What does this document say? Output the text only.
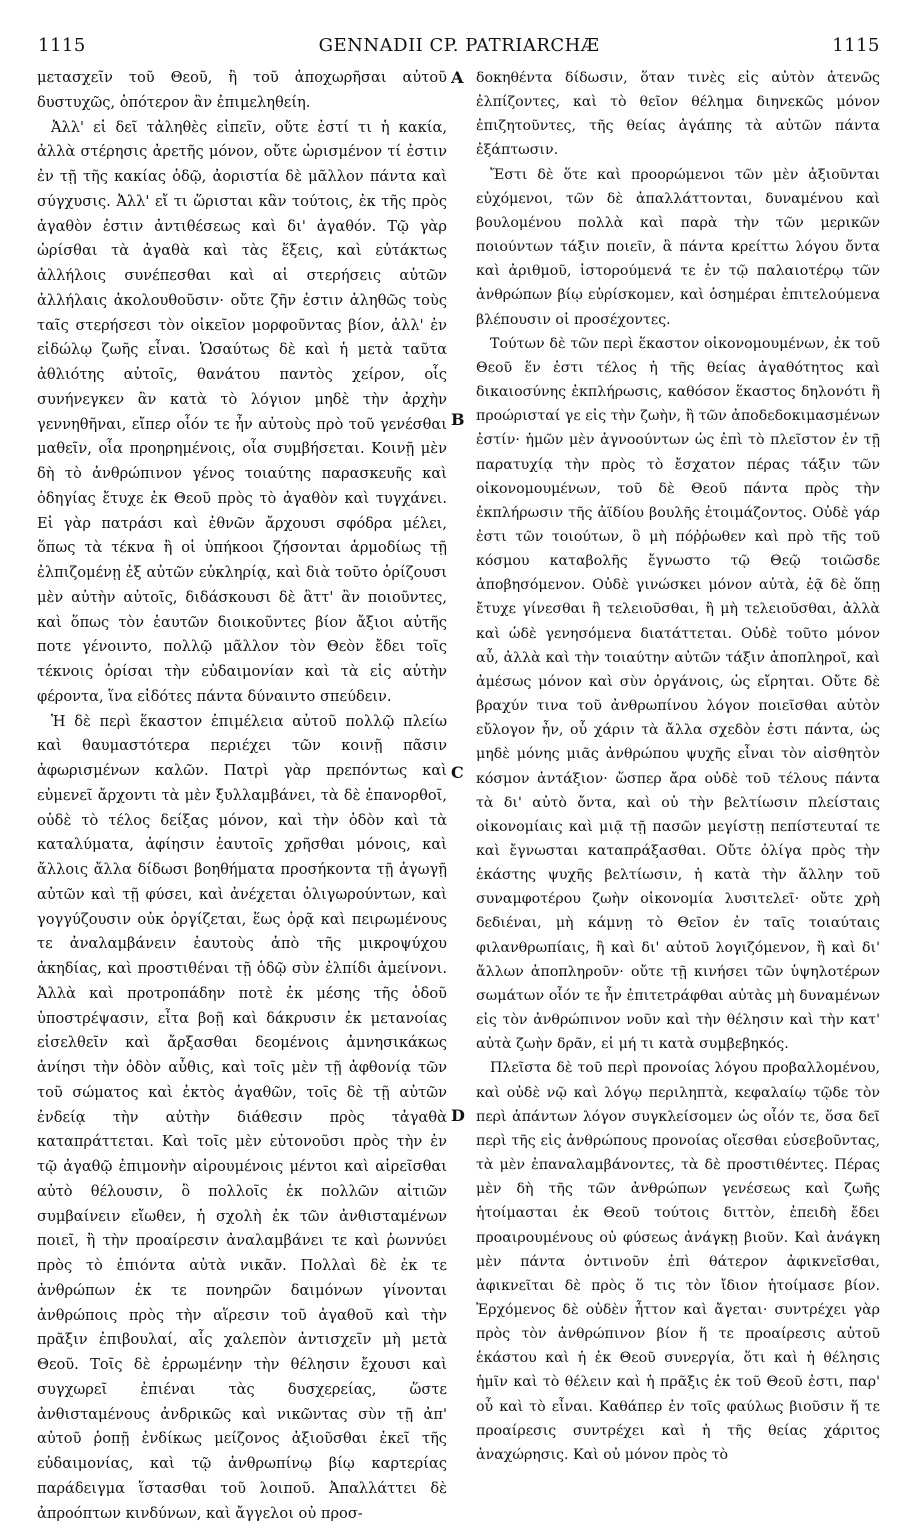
1115	GENNADII CP. PATRIARCHÆ	1115

μετασχεῖν τοῦ Θεοῦ, ἢ τοῦ ἀποχωρῆσαι αὐτοῦ δυστυχῶς, ὁπότερον ἂν ἐπιμεληθείη.

Ἀλλ' εἰ δεῖ τἀληθὲς εἰπεῖν, οὔτε ἐστί τι ἡ κακία, ἀλλὰ στέρησις ἀρετῆς μόνον, οὔτε ὡρισμένον τί ἐστιν ἐν τῇ τῆς κακίας ὁδῷ, ἀοριστία δὲ μᾶλλον πάντα καὶ σύγχυσις. Ἀλλ' εἴ τι ὥρισται κἂν τούτοις, ἐκ τῆς πρὸς ἀγαθὸν ἐστιν ἀντιθέσεως καὶ δι' ἀγαθόν. Τῷ γὰρ ὡρίσθαι τὰ ἀγαθὰ καὶ τὰς ἕξεις, καὶ εὐτάκτως ἀλλήλοις συνέπεσθαι καὶ αἱ στερήσεις αὐτῶν ἀλλήλαις ἀκολουθοῦσιν· οὔτε ζῆν ἐστιν ἀληθῶς τοὺς ταῖς στερήσεσι τὸν οἰκεῖον μορφοῦντας βίον, ἀλλ' ἐν εἰδώλῳ ζωῆς εἶναι. Ὡσαύτως δὲ καὶ ἡ μετὰ ταῦτα ἀθλιότης αὐτοῖς, θανάτου παντὸς χείρον, οἷς συνήνεγκεν ἂν κατὰ τὸ λόγιον μηδὲ τὴν ἀρχὴν γεννηθῆναι, εἴπερ οἷόν τε ἦν αὐτοὺς πρὸ τοῦ γενέσθαι μαθεῖν, οἷα προηρημένοις, οἷα συμβήσεται. Κοινῇ μὲν δὴ τὸ ἀνθρώπινον γένος τοιαύτης παρασκευῆς καὶ ὁδηγίας ἔτυχε ἐκ Θεοῦ πρὸς τὸ ἀγαθὸν καὶ τυγχάνει. Εἰ γὰρ πατράσι καὶ ἐθνῶν ἄρχουσι σφόδρα μέλει, ὅπως τὰ τέκνα ἢ οἱ ὑπήκοοι ζήσονται ἁρμοδίως τῇ ἐλπιζομένῃ ἐξ αὐτῶν εὐκληρίᾳ, καὶ διὰ τοῦτο ὁρίζουσι μὲν αὐτὴν αὐτοῖς, διδάσκουσι δὲ ἃττ' ἂν ποιοῦντες, καὶ ὅπως τὸν ἑαυτῶν διοικοῦντες βίον ἄξιοι αὐτῆς ποτε γένοιντο, πολλῷ μᾶλλον τὸν Θεὸν ἔδει τοῖς τέκνοις ὁρίσαι τὴν εὐδαιμονίαν καὶ τὰ εἰς αὐτὴν φέροντα, ἵνα εἰδότες πάντα δύναιντο σπεύδειν.

Ἡ δὲ περὶ ἕκαστον ἐπιμέλεια αὐτοῦ πολλῷ πλείω καὶ θαυμαστότερα περιέχει τῶν κοινῇ πᾶσιν ἀφωρισμένων καλῶν. Πατρὶ γὰρ πρεπόντως καὶ εὐμενεῖ ἄρχοντι τὰ μὲν ξυλλαμβάνει, τὰ δὲ ἐπανορθοῖ, οὐδὲ τὸ τέλος δείξας μόνον, καὶ τὴν ὁδὸν καὶ τὰ καταλύματα, ἀφίησιν ἑαυτοῖς χρῆσθαι μόνοις, καὶ ἄλλοις ἄλλα δίδωσι βοηθήματα προσήκοντα τῇ ἀγωγῇ αὐτῶν καὶ τῇ φύσει, καὶ ἀνέχεται ὀλιγωρούντων, καὶ γογγύζουσιν οὐκ ὀργίζεται, ἕως ὁρᾷ καὶ πειρωμένους τε ἀναλαμβάνειν ἑαυτοὺς ἀπὸ τῆς μικροψύχου ἀκηδίας, καὶ προστιθέναι τῇ ὁδῷ σὺν ἐλπίδι ἀμείνονι. Ἀλλὰ καὶ προτροπάδην ποτὲ ἐκ μέσης τῆς ὁδοῦ ὑποστρέψασιν, εἶτα βοῇ καὶ δάκρυσιν ἐκ μετανοίας εἰσελθεῖν καὶ ἄρξασθαι δεομένοις ἀμνησικάκως ἀνίησι τὴν ὁδὸν αὖθις, καὶ τοῖς μὲν τῇ ἀφθονίᾳ τῶν τοῦ σώματος καὶ ἐκτὸς ἀγαθῶν, τοῖς δὲ τῇ αὐτῶν ἐνδείᾳ τὴν αὐτὴν διάθεσιν πρὸς τἀγαθὰ καταπράττεται. Καὶ τοῖς μὲν εὐτονοῦσι πρὸς τὴν ἐν τῷ ἀγαθῷ ἐπιμονὴν αἱρουμένοις μέντοι καὶ αἱρεῖσθαι αὐτὸ θέλουσιν, ὃ πολλοῖς ἐκ πολλῶν αἰτιῶν συμβαίνειν εἴωθεν, ἡ σχολὴ ἐκ τῶν ἀνθισταμένων ποιεῖ, ἢ τὴν προαίρεσιν ἀναλαμβάνει τε καὶ ῥωννύει πρὸς τὸ ἐπιόντα αὐτὰ νικᾶν. Πολλαὶ δὲ ἐκ τε ἀνθρώπων ἐκ τε πονηρῶν δαιμόνων γίνονται ἀνθρώποις πρὸς τὴν αἵρεσιν τοῦ ἀγαθοῦ καὶ τὴν πρᾶξιν ἐπιβουλαί, αἷς χαλεπὸν ἀντισχεῖν μὴ μετὰ Θεοῦ. Τοῖς δὲ ἐρρωμένην τὴν θέλησιν ἔχουσι καὶ συγχωρεῖ ἐπιέναι τὰς δυσχερείας, ὥστε ἀνθισταμένους ἀνδρικῶς καὶ νικῶντας σὺν τῇ ἀπ' αὐτοῦ ῥοπῇ ἐνδίκως μείζονος ἀξιοῦσθαι ἐκεῖ τῆς εὐδαιμονίας, καὶ τῷ ἀνθρωπίνῳ βίῳ καρτερίας παράδειγμα ἵστασθαι τοῦ λοιποῦ. Ἀπαλλάττει δὲ ἀπροόπτων κινδύνων, καὶ ἄγγελοι οὐ προσ-

A
B
C
D

δοκηθέντα δίδωσιν, ὅταν τινὲς εἰς αὐτὸν ἀτενῶς ἐλπίζοντες, καὶ τὸ θεῖον θέλημα διηνεκῶς μόνον ἐπιζητοῦντες, τῆς θείας ἀγάπης τὰ αὐτῶν πάντα ἐξάπτωσιν.

Ἔστι δὲ ὅτε καὶ προορώμενοι τῶν μὲν ἀξιοῦνται εὐχόμενοι, τῶν δὲ ἀπαλλάττονται, δυναμένου καὶ βουλομένου πολλὰ καὶ παρὰ τὴν τῶν μερικῶν ποιούντων τάξιν ποιεῖν, ἃ πάντα κρείττω λόγου ὄντα καὶ ἀριθμοῦ, ἱστορούμενά τε ἐν τῷ παλαιοτέρῳ τῶν ἀνθρώπων βίῳ εὑρίσκομεν, καὶ ὁσημέραι ἐπιτελούμενα βλέπουσιν οἱ προσέχοντες.

Τούτων δὲ τῶν περὶ ἕκαστον οἰκονομουμένων, ἐκ τοῦ Θεοῦ ἕν ἐστι τέλος ἡ τῆς θείας ἀγαθότητος καὶ δικαιοσύνης ἐκπλήρωσις, καθόσον ἕκαστος δηλονότι ἢ προώρισταί γε εἰς τὴν ζωὴν, ἢ τῶν ἀποδεδοκιμασμένων ἐστίν· ἡμῶν μὲν ἀγνοούντων ὡς ἐπὶ τὸ πλεῖστον ἐν τῇ παρατυχίᾳ τὴν πρὸς τὸ ἔσχατον πέρας τάξιν τῶν οἰκονομουμένων, τοῦ δὲ Θεοῦ πάντα πρὸς τὴν ἐκπλήρωσιν τῆς ἀϊδίου βουλῆς ἑτοιμάζοντος. Οὐδὲ γάρ ἐστι τῶν τοιούτων, ὃ μὴ πόῤῥωθεν καὶ πρὸ τῆς τοῦ κόσμου καταβολῆς ἔγνωστο τῷ Θεῷ τοιῶσδε ἀποβησόμενον. Οὐδὲ γινώσκει μόνον αὐτὰ, ἐᾷ δὲ ὅπῃ ἔτυχε γίνεσθαι ἢ τελειοῦσθαι, ἢ μὴ τελειοῦσθαι, ἀλλὰ καὶ ὡδὲ γενησόμενα διατάττεται. Οὐδὲ τοῦτο μόνον αὖ, ἀλλὰ καὶ τὴν τοιαύτην αὐτῶν τάξιν ἀποπληροῖ, καὶ ἀμέσως μόνον καὶ σὺν ὀργάνοις, ὡς εἴρηται. Οὔτε δὲ βραχύν τινα τοῦ ἀνθρωπίνου λόγον ποιεῖσθαι αὐτὸν εὔλογον ἦν, οὗ χάριν τὰ ἄλλα σχεδὸν ἐστι πάντα, ὡς μηδὲ μόνης μιᾶς ἀνθρώπου ψυχῆς εἶναι τὸν αἰσθητὸν κόσμον ἀντάξιον· ὥσπερ ἄρα οὐδὲ τοῦ τέλους πάντα τὰ δι' αὐτὸ ὄντα, καὶ οὐ τὴν βελτίωσιν πλείσταις οἰκονομίαις καὶ μιᾷ τῇ πασῶν μεγίστῃ πεπίστευταί τε καὶ ἔγνωσται καταπράξασθαι. Οὔτε ὀλίγα πρὸς τὴν ἑκάστης ψυχῆς βελτίωσιν, ἡ κατὰ τὴν ἄλλην τοῦ συναμφοτέρου ζωὴν οἰκονομία λυσιτελεῖ· οὔτε χρὴ δεδιέναι, μὴ κάμνῃ τὸ Θεῖον ἐν ταῖς τοιαύταις φιλανθρωπίαις, ἢ καὶ δι' αὑτοῦ λογιζόμενον, ἢ καὶ δι' ἄλλων ἀποπληροῦν· οὔτε τῇ κινήσει τῶν ὑψηλοτέρων σωμάτων οἷόν τε ἦν ἐπιτετράφθαι αὐτὰς μὴ δυναμένων εἰς τὸν ἀνθρώπινον νοῦν καὶ τὴν θέλησιν καὶ τὴν κατ' αὐτὰ ζωὴν δρᾶν, εἰ μή τι κατὰ συμβεβηκός.

Πλεῖστα δὲ τοῦ περὶ προνοίας λόγου προβαλλομένου, καὶ οὐδὲ νῷ καὶ λόγῳ περιληπτὰ, κεφαλαίῳ τῷδε τὸν περὶ ἁπάντων λόγον συγκλείσομεν ὡς οἷόν τε, ὅσα δεῖ περὶ τῆς εἰς ἀνθρώπους προνοίας οἴεσθαι εὐσεβοῦντας, τὰ μὲν ἐπαναλαμβάνοντες, τὰ δὲ προστιθέντες. Πέρας μὲν δὴ τῆς τῶν ἀνθρώπων γενέσεως καὶ ζωῆς ἡτοίμασται ἐκ Θεοῦ τούτοις διττὸν, ἐπειδὴ ἔδει προαιρουμένους οὐ φύσεως ἀνάγκῃ βιοῦν. Καὶ ἀνάγκη μὲν πάντα ὀντινοῦν ἐπὶ θάτερον ἀφικνεῖσθαι, ἀφικνεῖται δὲ πρὸς ὅ τις τὸν ἴδιον ἡτοίμασε βίον. Ἐρχόμενος δὲ οὐδὲν ἧττον καὶ ἄγεται· συντρέχει γὰρ πρὸς τὸν ἀνθρώπινον βίον ἥ τε προαίρεσις αὐτοῦ ἑκάστου καὶ ἡ ἐκ Θεοῦ συνεργία, ὅτι καὶ ἡ θέλησις ἡμῖν καὶ τὸ θέλειν καὶ ἡ πρᾶξις ἐκ τοῦ Θεοῦ ἐστι, παρ' οὗ καὶ τὸ εἶναι. Καθάπερ ἐν τοῖς φαύλως βιοῦσιν ἥ τε προαίρεσις συντρέχει καὶ ἡ τῆς θείας χάριτος ἀναχώρησις. Καὶ οὐ μόνον πρὸς τὸ
